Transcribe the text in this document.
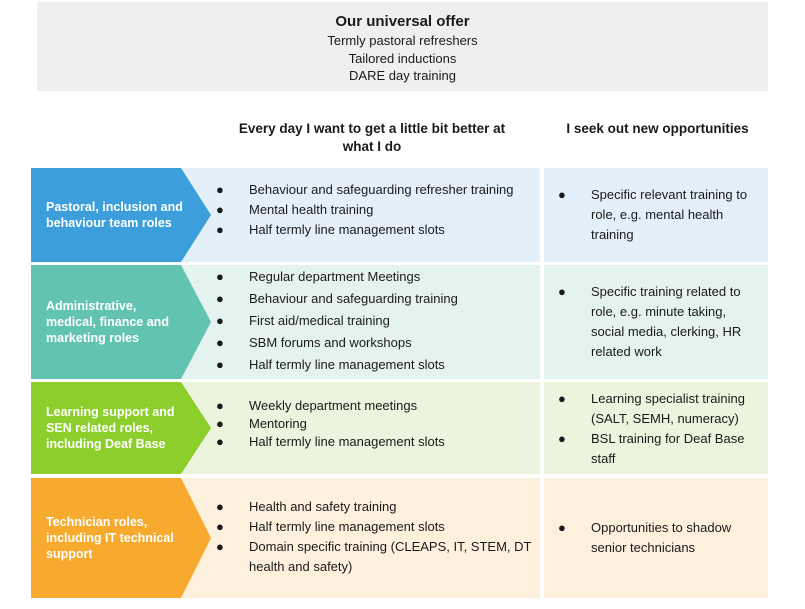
Our universal offer
Termly pastoral refreshers
Tailored inductions
DARE day training
Every day I want to get a little bit better at what I do
I seek out new opportunities
● Behaviour and safeguarding refresher training
● Mental health training
● Half termly line management slots
● Specific relevant training to role, e.g. mental health training
Pastoral, inclusion and behaviour team roles
● Regular department Meetings
● Behaviour and safeguarding training
● First aid/medical training
● SBM forums and workshops
● Half termly line management slots
● Specific training related to role, e.g. minute taking, social media, clerking, HR related work
Administrative, medical, finance and marketing roles
● Weekly department meetings
● Mentoring
● Half termly line management slots
● Learning specialist training (SALT, SEMH, numeracy)
● BSL training for Deaf Base staff
Learning support and SEN related roles, including Deaf Base
● Health and safety training
● Half termly line management slots
● Domain specific training (CLEAPS, IT, STEM, DT health and safety)
● Opportunities to shadow senior technicians
Technician roles, including IT technical support
